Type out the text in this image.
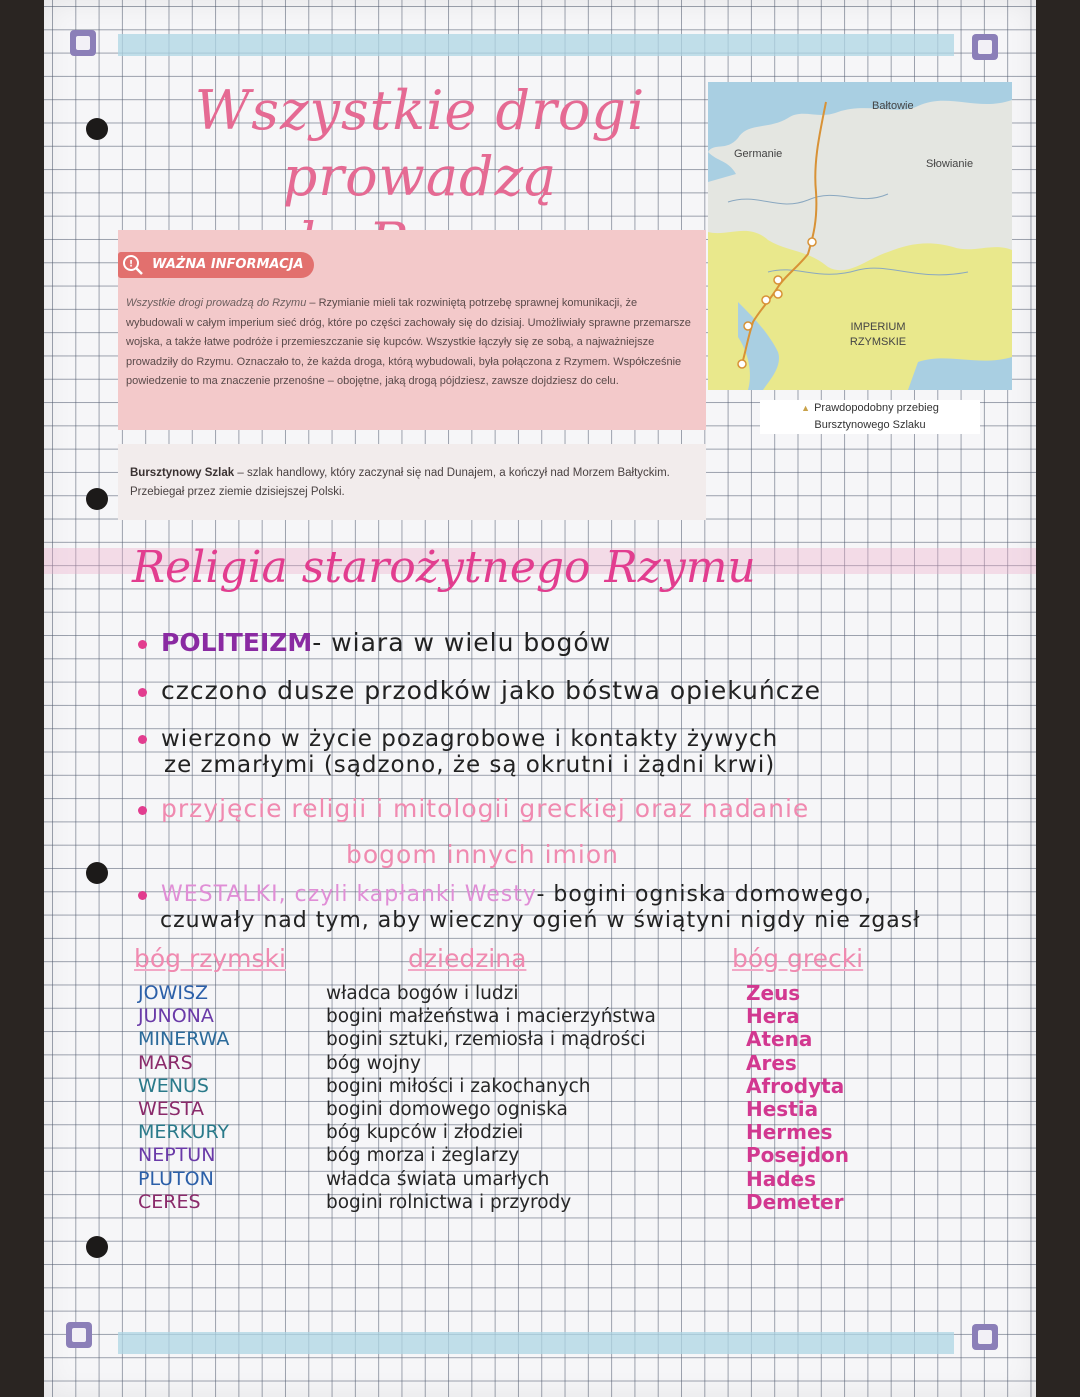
Wszystkie drogi prowadzą
WAŻNA INFORMACJA
!
Wszystkie drogi prowadzą do Rzymu – Rzymianie mieli tak rozwiniętą potrzebę sprawnej komunikacji, że wybudowali w całym imperium sieć dróg, które po części zachowały się do dzisiaj. Umożliwiały sprawne przemarsze wojska, a także łatwe podróże i przemieszczanie się kupców. Wszystkie łączyły się ze sobą, a najważniejsze prowadziły do Rzymu. Oznaczało to, że każda droga, którą wybudowali, była połączona z Rzymem. Współcześnie powiedzenie to ma znaczenie przenośne – obojętne, jaką drogą pójdziesz, zawsze dojdziesz do celu.
Bursztynowy Szlak – szlak handlowy, który zaczynał się nad Dunajem, a kończył nad Morzem Bałtyckim. Przebiegał przez ziemie dzisiejszej Polski.
Bałtowie
Germanie
Słowianie
IMPERIUM
RZYMSKIE
▲ Prawdopodobny przebieg
Bursztynowego Szlaku
Religia starożytnego Rzymu
POLITEIZM- wiara w wielu bogów
czczono dusze przodków jako bóstwa opiekuńcze
wierzono w życie pozagrobowe i kontakty żywych
ze zmarłymi (sądzono, że są okrutni i żądni krwi)
przyjęcie religii i mitologii greckiej oraz nadanie
bogom innych imion
WESTALKI, czyli kapłanki Westy- bogini ogniska domowego,
czuwały nad tym, aby wieczny ogień w świątyni nigdy nie zgasł
bóg rzymski	dziedzina	bóg grecki
JOWISZ
JUNONA
MINERWA
MARS
WENUS
WESTA
MERKURY
NEPTUN
PLUTON
CERES
władca bogów i ludzi
bogini małżeństwa i macierzyństwa
bogini sztuki, rzemiosła i mądrości
bóg wojny
bogini miłości i zakochanych
bogini domowego ogniska
bóg kupców i złodziei
bóg morza i żeglarzy
władca świata umarłych
bogini rolnictwa i przyrody
Zeus
Hera
Atena
Ares
Afrodyta
Hestia
Hermes
Posejdon
Hades
Demeter
